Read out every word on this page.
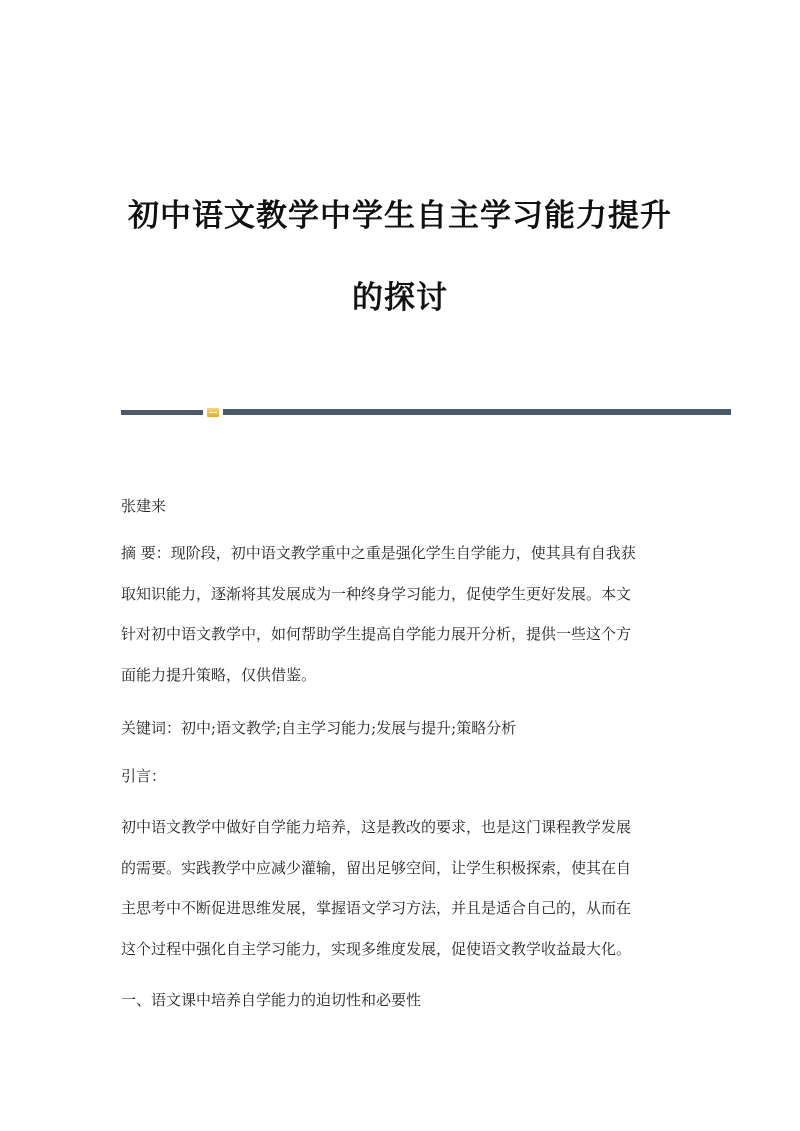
初中语文教学中学生自主学习能力提升
的探讨

张建来

摘 要：现阶段，初中语文教学重中之重是强化学生自学能力，使其具有自我获
取知识能力，逐渐将其发展成为一种终身学习能力，促使学生更好发展。本文
针对初中语文教学中，如何帮助学生提高自学能力展开分析，提供一些这个方
面能力提升策略，仅供借鉴。

关键词：初中;语文教学;自主学习能力;发展与提升;策略分析

引言：

初中语文教学中做好自学能力培养，这是教改的要求，也是这门课程教学发展
的需要。实践教学中应减少灌输，留出足够空间，让学生积极探索，使其在自
主思考中不断促进思维发展，掌握语文学习方法，并且是适合自己的，从而在
这个过程中强化自主学习能力，实现多维度发展，促使语文教学收益最大化。

一、语文课中培养自学能力的迫切性和必要性
